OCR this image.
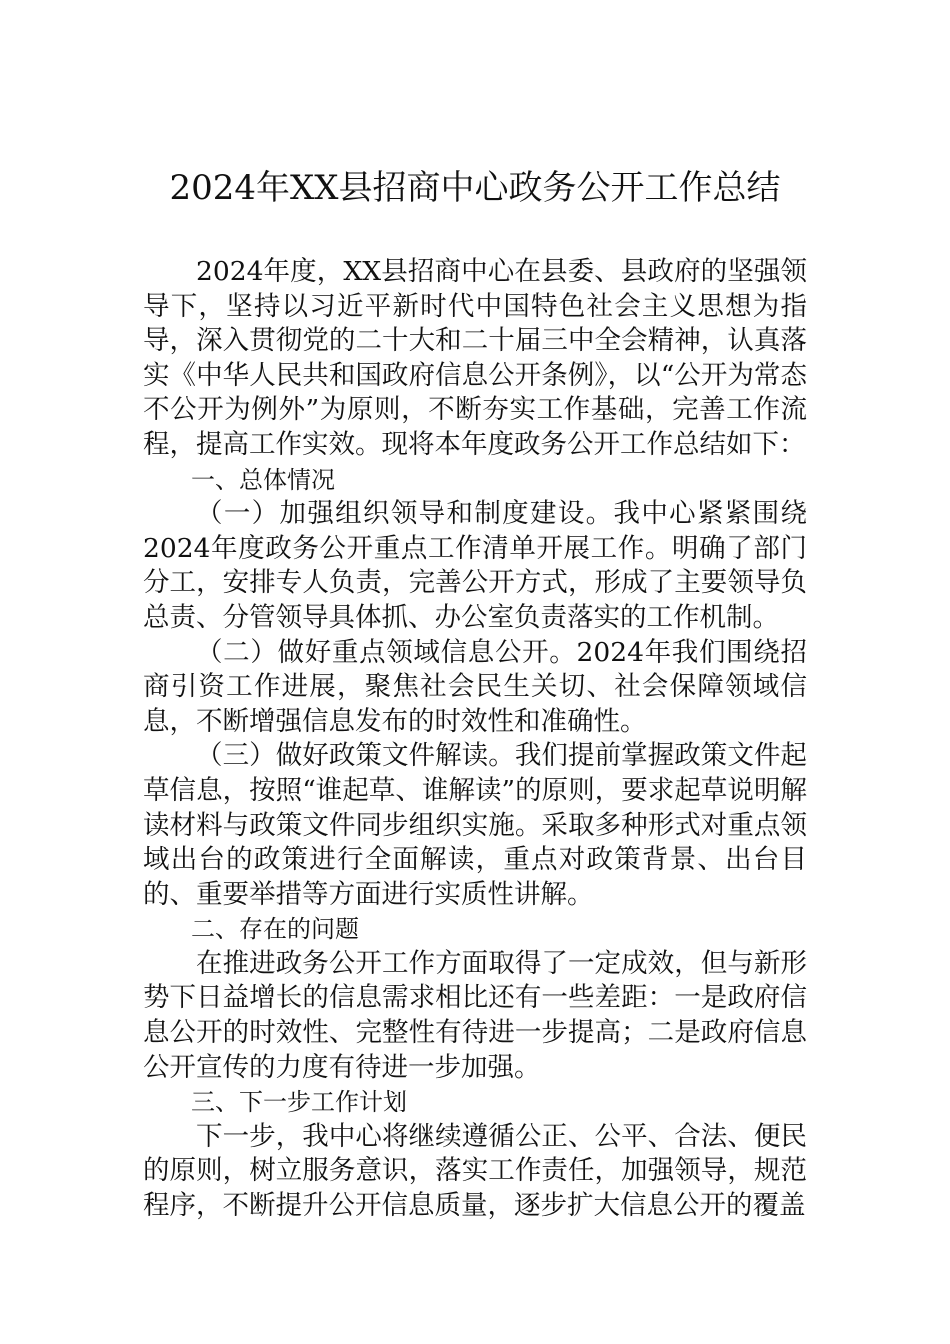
2024年XX县招商中心政务公开工作总结

2024年度，XX县招商中心在县委、县政府的坚强领导下，坚持以习近平新时代中国特色社会主义思想为指导，深入贯彻党的二十大和二十届三中全会精神，认真落实《中华人民共和国政府信息公开条例》，以“公开为常态不公开为例外”为原则，不断夯实工作基础，完善工作流程，提高工作实效。现将本年度政务公开工作总结如下：

一、总体情况

（一）加强组织领导和制度建设。我中心紧紧围绕2024年度政务公开重点工作清单开展工作。明确了部门分工，安排专人负责，完善公开方式，形成了主要领导负总责、分管领导具体抓、办公室负责落实的工作机制。

（二）做好重点领域信息公开。2024年我们围绕招商引资工作进展，聚焦社会民生关切、社会保障领域信息，不断增强信息发布的时效性和准确性。

（三）做好政策文件解读。我们提前掌握政策文件起草信息，按照“谁起草、谁解读”的原则，要求起草说明解读材料与政策文件同步组织实施。采取多种形式对重点领域出台的政策进行全面解读，重点对政策背景、出台目的、重要举措等方面进行实质性讲解。

二、存在的问题

在推进政务公开工作方面取得了一定成效，但与新形势下日益增长的信息需求相比还有一些差距：一是政府信息公开的时效性、完整性有待进一步提高；二是政府信息公开宣传的力度有待进一步加强。

三、下一步工作计划

下一步，我中心将继续遵循公正、公平、合法、便民的原则，树立服务意识，落实工作责任，加强领导，规范程序，不断提升公开信息质量，逐步扩大信息公开的覆盖
